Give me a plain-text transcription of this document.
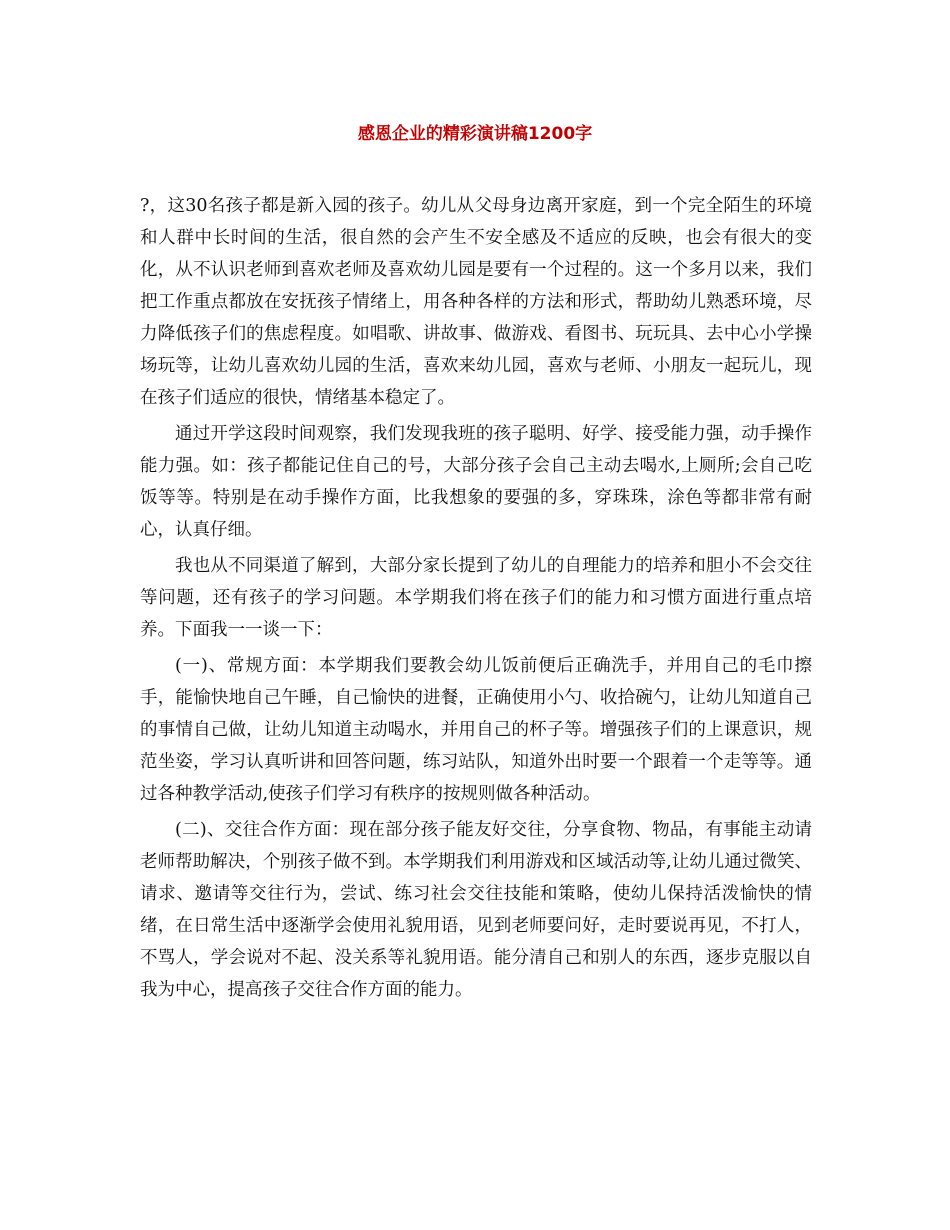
感恩企业的精彩演讲稿1200字

?，这30名孩子都是新入园的孩子。幼儿从父母身边离开家庭，到一个完全陌生的环境和人群中长时间的生活，很自然的会产生不安全感及不适应的反映，也会有很大的变化，从不认识老师到喜欢老师及喜欢幼儿园是要有一个过程的。这一个多月以来，我们把工作重点都放在安抚孩子情绪上，用各种各样的方法和形式，帮助幼儿熟悉环境，尽力降低孩子们的焦虑程度。如唱歌、讲故事、做游戏、看图书、玩玩具、去中心小学操场玩等，让幼儿喜欢幼儿园的生活，喜欢来幼儿园，喜欢与老师、小朋友一起玩儿，现在孩子们适应的很快，情绪基本稳定了。

通过开学这段时间观察，我们发现我班的孩子聪明、好学、接受能力强，动手操作能力强。如：孩子都能记住自己的号，大部分孩子会自己主动去喝水,上厕所;会自己吃饭等等。特别是在动手操作方面，比我想象的要强的多，穿珠珠，涂色等都非常有耐心，认真仔细。

我也从不同渠道了解到，大部分家长提到了幼儿的自理能力的培养和胆小不会交往等问题，还有孩子的学习问题。本学期我们将在孩子们的能力和习惯方面进行重点培养。下面我一一谈一下：

(一)、常规方面：本学期我们要教会幼儿饭前便后正确洗手，并用自己的毛巾擦手，能愉快地自己午睡，自己愉快的进餐，正确使用小勺、收拾碗勺，让幼儿知道自己的事情自己做，让幼儿知道主动喝水，并用自己的杯子等。增强孩子们的上课意识，规范坐姿，学习认真听讲和回答问题，练习站队，知道外出时要一个跟着一个走等等。通过各种教学活动,使孩子们学习有秩序的按规则做各种活动。

(二)、交往合作方面：现在部分孩子能友好交往，分享食物、物品，有事能主动请老师帮助解决，个别孩子做不到。本学期我们利用游戏和区域活动等,让幼儿通过微笑、请求、邀请等交往行为，尝试、练习社会交往技能和策略，使幼儿保持活泼愉快的情绪，在日常生活中逐渐学会使用礼貌用语，见到老师要问好，走时要说再见，不打人，不骂人，学会说对不起、没关系等礼貌用语。能分清自己和别人的东西，逐步克服以自我为中心，提高孩子交往合作方面的能力。
